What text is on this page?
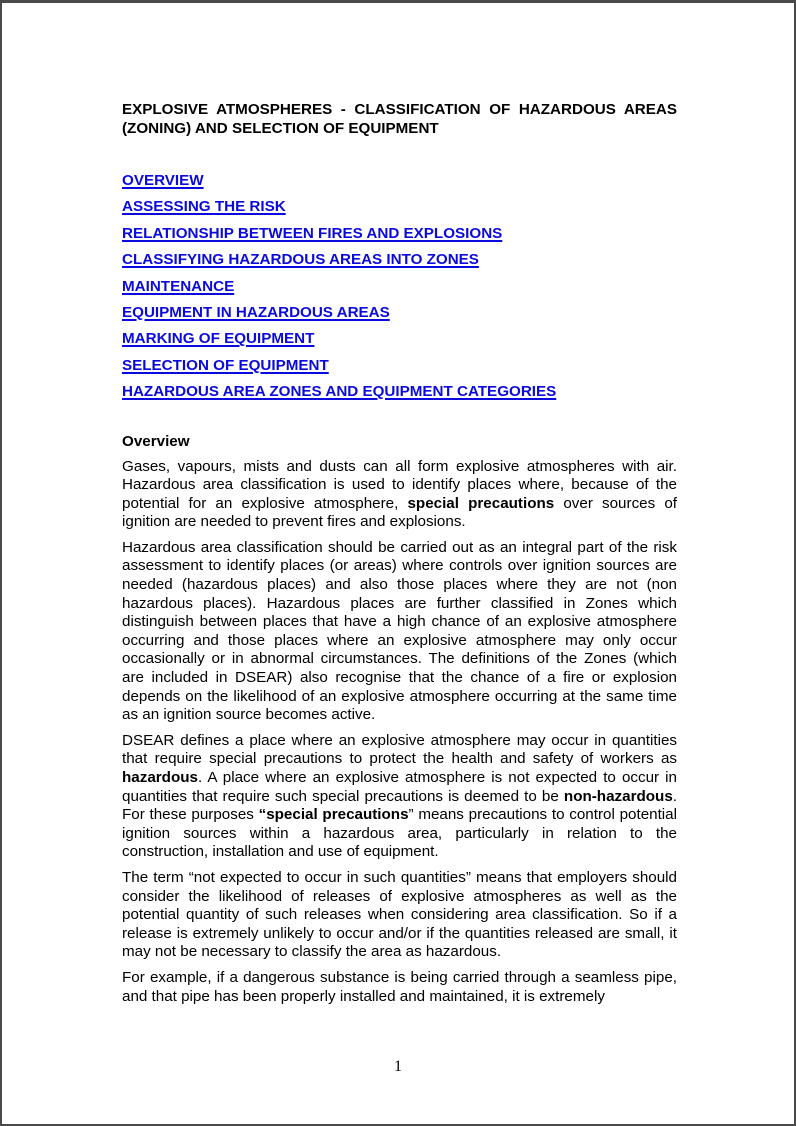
EXPLOSIVE ATMOSPHERES - CLASSIFICATION OF HAZARDOUS AREAS (ZONING) AND SELECTION OF EQUIPMENT
OVERVIEW
ASSESSING THE RISK
RELATIONSHIP BETWEEN FIRES AND EXPLOSIONS
CLASSIFYING HAZARDOUS AREAS INTO ZONES
MAINTENANCE
EQUIPMENT IN HAZARDOUS AREAS
MARKING OF EQUIPMENT
SELECTION OF EQUIPMENT
HAZARDOUS AREA ZONES AND EQUIPMENT CATEGORIES
Overview

Gases, vapours, mists and dusts can all form explosive atmospheres with air. Hazardous area classification is used to identify places where, because of the potential for an explosive atmosphere, special precautions over sources of ignition are needed to prevent fires and explosions.

Hazardous area classification should be carried out as an integral part of the risk assessment to identify places (or areas) where controls over ignition sources are needed (hazardous places) and also those places where they are not (non hazardous places). Hazardous places are further classified in Zones which distinguish between places that have a high chance of an explosive atmosphere occurring and those places where an explosive atmosphere may only occur occasionally or in abnormal circumstances. The definitions of the Zones (which are included in DSEAR) also recognise that the chance of a fire or explosion depends on the likelihood of an explosive atmosphere occurring at the same time as an ignition source becomes active.

DSEAR defines a place where an explosive atmosphere may occur in quantities that require special precautions to protect the health and safety of workers as hazardous. A place where an explosive atmosphere is not expected to occur in quantities that require such special precautions is deemed to be non-hazardous. For these purposes “special precautions” means precautions to control potential ignition sources within a hazardous area, particularly in relation to the construction, installation and use of equipment.

The term “not expected to occur in such quantities” means that employers should consider the likelihood of releases of explosive atmospheres as well as the potential quantity of such releases when considering area classification. So if a release is extremely unlikely to occur and/or if the quantities released are small, it may not be necessary to classify the area as hazardous.

For example, if a dangerous substance is being carried through a seamless pipe, and that pipe has been properly installed and maintained, it is extremely

1
